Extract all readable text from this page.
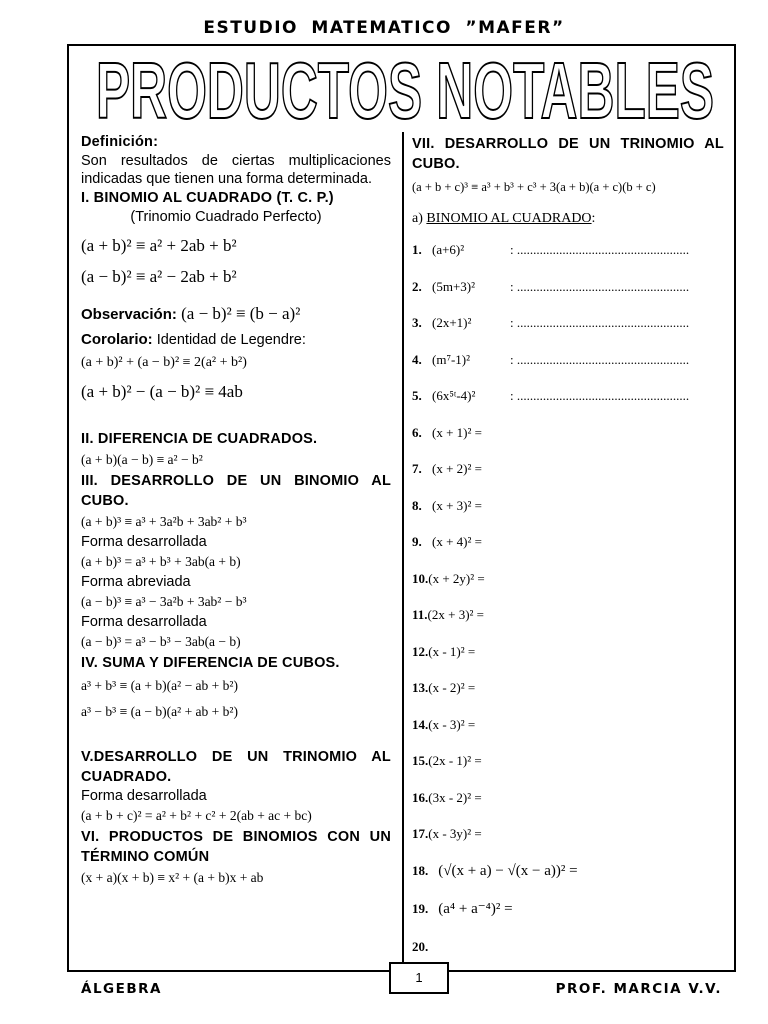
ESTUDIO MATEMATICO ”MAFER”
PRODUCTOS NOTABLES
Definición:
Son resultados de ciertas multiplicaciones indicadas que tienen una forma determinada.
I. BINOMIO AL CUADRADO (T. C. P.)
(Trinomio Cuadrado Perfecto)
(a + b)² ≡ a² + 2ab + b²
(a − b)² ≡ a² − 2ab + b²
Observación: (a − b)² ≡ (b − a)²
Corolario: Identidad de Legendre:
(a + b)² + (a − b)² ≡ 2(a² + b²)
(a + b)² − (a − b)² ≡ 4ab
II. DIFERENCIA DE CUADRADOS.
(a + b)(a − b) ≡ a² − b²
III. DESARROLLO DE UN BINOMIO AL CUBO.
(a + b)³ ≡ a³ + 3a²b + 3ab² + b³
Forma desarrollada
(a + b)³ = a³ + b³ + 3ab(a + b)
Forma abreviada
(a − b)³ ≡ a³ − 3a²b + 3ab² − b³
Forma desarrollada
(a − b)³ = a³ − b³ − 3ab(a − b)
IV. SUMA Y DIFERENCIA DE CUBOS.
a³ + b³ ≡ (a + b)(a² − ab + b²)
a³ − b³ ≡ (a − b)(a² + ab + b²)
V.DESARROLLO DE UN TRINOMIO AL CUADRADO.
Forma desarrollada
(a + b + c)² = a² + b² + c² + 2(ab + ac + bc)
VI. PRODUCTOS DE BINOMIOS CON UN TÉRMINO COMÚN
(x + a)(x + b) ≡ x² + (a + b)x + ab
VII. DESARROLLO DE UN TRINOMIO AL CUBO.
(a + b + c)³ ≡ a³ + b³ + c³ + 3(a + b)(a + c)(b + c)
a) BINOMIO AL CUADRADO:
1. (a+6)²	: .....................................................
2. (5m+3)²	: .....................................................
3. (2x+1)²	: .....................................................
4. (m⁷-1)²	: .....................................................
5. (6x⁵ᵗ-4)²	: .....................................................
6. (x + 1)² =
7. (x + 2)² =
8. (x + 3)² =
9. (x + 4)² =
10.(x + 2y)² =
11.(2x + 3)² =
12.(x - 1)² =
13.(x - 2)² =
14.(x - 3)² =
15.(2x - 1)² =
16.(3x - 2)² =
17.(x - 3y)² =
18. (√(x + a) − √(x − a))² =
19. (a⁴ + a⁻⁴)² =
20.
1
ÁLGEBRA	PROF. MARCIA V.V.
